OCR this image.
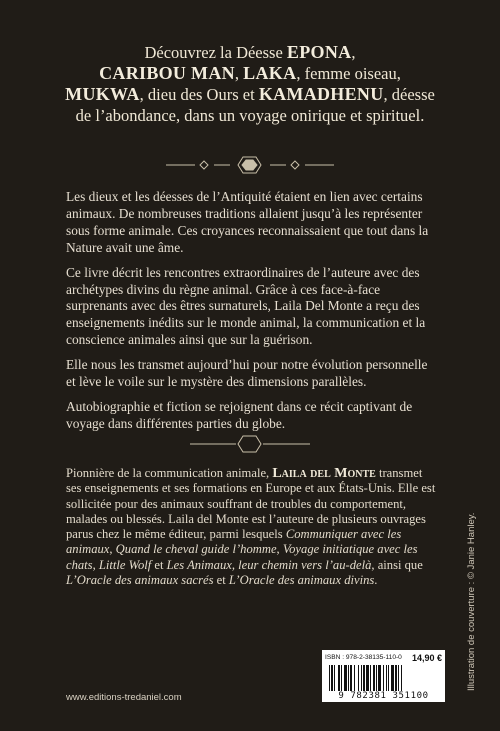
Découvrez la Déesse EPONA,
CARIBOU MAN, LAKA, femme oiseau, MUKWA, dieu des Ours et KAMADHENU, déesse de l’abondance, dans un voyage onirique et spirituel.

Les dieux et les déesses de l’Antiquité étaient en lien avec certains animaux. De nombreuses traditions allaient jusqu’à les représenter sous forme animale. Ces croyances reconnaissaient que tout dans la Nature avait une âme.

Ce livre décrit les rencontres extraordinaires de l’auteure avec des archétypes divins du règne animal. Grâce à ces face-à-face surprenants avec des êtres surnaturels, Laila Del Monte a reçu des enseignements inédits sur le monde animal, la communication et la conscience animales ainsi que sur la guérison.

Elle nous les transmet aujourd’hui pour notre évolution personnelle et lève le voile sur le mystère des dimensions parallèles.

Autobiographie et fiction se rejoignent dans ce récit captivant de voyage dans différentes parties du globe.

Pionnière de la communication animale, Laila del Monte transmet ses enseignements et ses formations en Europe et aux États-Unis. Elle est sollicitée pour des animaux souffrant de troubles du comportement, malades ou blessés. Laila del Monte est l’auteure de plusieurs ouvrages parus chez le même éditeur, parmi lesquels Communiquer avec les animaux, Quand le cheval guide l’homme, Voyage initiatique avec les chats, Little Wolf et Les Animaux, leur chemin vers l’au-delà, ainsi que L’Oracle des animaux sacrés et L’Oracle des animaux divins.	Illustration de couverture : © Janie Hanley.
ISBN : 978-2-38135-110-0 14,90 €
9 782381 351100
www.editions-tredaniel.com
